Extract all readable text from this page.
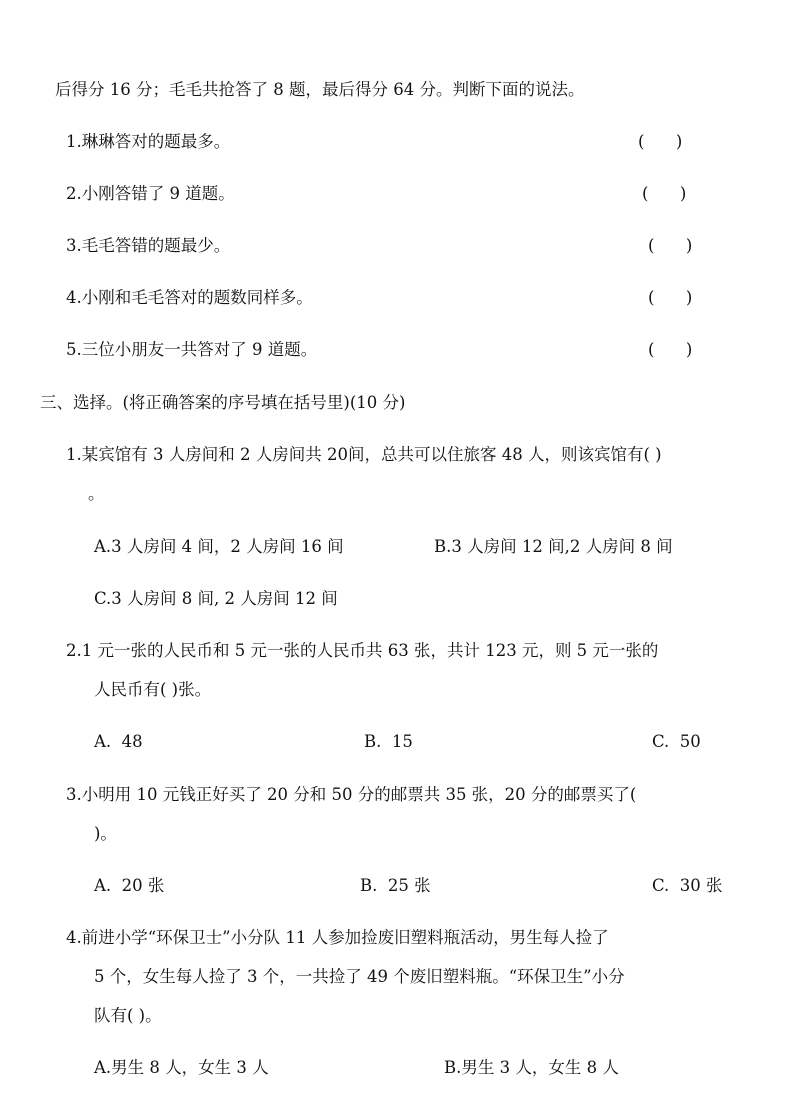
后得分 16 分；毛毛共抢答了 8 题，最后得分 64 分。判断下面的说法。
1.琳琳答对的题最多。	(      )
2.小刚答错了 9 道题。	(      )
3.毛毛答错的题最少。	(      )
4.小刚和毛毛答对的题数同样多。	(      )
5.三位小朋友一共答对了 9 道题。	(      )
三、选择。(将正确答案的序号填在括号里)(10 分)
1.某宾馆有 3 人房间和 2 人房间共 20间，总共可以住旅客 48 人，则该宾馆有( )
。
A.3 人房间 4 间，2 人房间 16 间	B.3 人房间 12 间,2 人房间 8 间
C.3 人房间 8 间, 2 人房间 12 间
2.1 元一张的人民币和 5 元一张的人民币共 63 张，共计 123 元，则 5 元一张的
人民币有( )张。
A.  48	B.  15	C.  50
3.小明用 10 元钱正好买了 20 分和 50 分的邮票共 35 张，20 分的邮票买了(
)。
A.  20 张	B.  25 张	C.  30 张
4.前进小学“环保卫士”小分队 11 人参加捡废旧塑料瓶活动，男生每人捡了
5 个，女生每人捡了 3 个，一共捡了 49 个废旧塑料瓶。“环保卫生”小分
队有( )。
A.男生 8 人，女生 3 人	B.男生 3 人，女生 8 人
